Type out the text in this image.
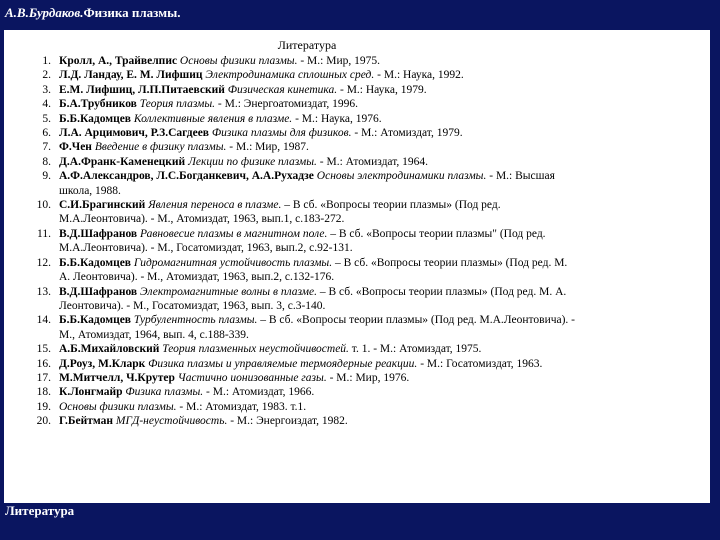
А.В.Бурдаков.Физика плазмы.
Литература
1. Кролл, А., Трайвелпис Основы физики плазмы. - М.: Мир, 1975.
2. Л.Д. Ландау, Е. М. Лифшиц Электродинамика сплошных сред. - М.: Наука, 1992.
3. Е.М. Лифшиц, Л.П.Питаевский Физическая кинетика. - М.: Наука, 1979.
4. Б.А.Трубников Теория плазмы. - М.: Энергоатомиздат, 1996.
5. Б.Б.Кадомцев Коллективные явления в плазме. - М.: Наука, 1976.
6. Л.А. Арцимович, Р.З.Сагдеев Физика плазмы для физиков. - М.: Атомиздат, 1979.
7. Ф.Чен Введение в физику плазмы. - М.: Мир, 1987.
8. Д.А.Франк-Каменецкий Лекции по физике плазмы. - М.: Атомиздат, 1964.
9. А.Ф.Александров, Л.С.Богданкевич, А.А.Рухадзе Основы электродинамики плазмы. - М.: Высшая школа, 1988.
10. С.И.Брагинский Явления переноса в плазме. – В сб. «Вопросы теории плазмы» (Под ред. М.А.Леонтовича). - М., Атомиздат, 1963, вып.1, с.183-272.
11. В.Д.Шафранов Равновесие плазмы в магнитном поле. – В сб. «Вопросы теории плазмы" (Под ред. М.А.Леонтовича). - М., Госатомиздат, 1963, вып.2, с.92-131.
12. Б.Б.Кадомцев Гидромагнитная устойчивость плазмы. – В сб. «Вопросы теории плазмы» (Под ред. М. А. Леонтовича). - М., Атомиздат, 1963, вып.2, с.132-176.
13. В.Д.Шафранов Электромагнитные волны в плазме. – В сб. «Вопросы теории плазмы» (Под ред. М. А. Леонтовича). - М., Госатомиздат, 1963, вып. 3, с.3-140.
14. Б.Б.Кадомцев Турбулентность плазмы. – В сб. «Вопросы теории плазмы» (Под ред. М.А.Леонтовича). - М., Атомиздат, 1964, вып. 4, с.188-339.
15. А.Б.Михайловский Теория плазменных неустойчивостей. т. 1. - М.: Атомиздат, 1975.
16. Д.Роуз, М.Кларк Физика плазмы и управляемые термоядерные реакции. - М.: Госатомиздат, 1963.
17. М.Митчелл, Ч.Крутер Частично ионизованные газы. - М.: Мир, 1976.
18. К.Лонгмайр Физика плазмы. - М.: Атомиздат, 1966.
19. Основы физики плазмы. - М.: Атомиздат, 1983. т.1.
20. Г.Бейтман МГД-неустойчивость. - М.: Энергоиздат, 1982.
Литература
